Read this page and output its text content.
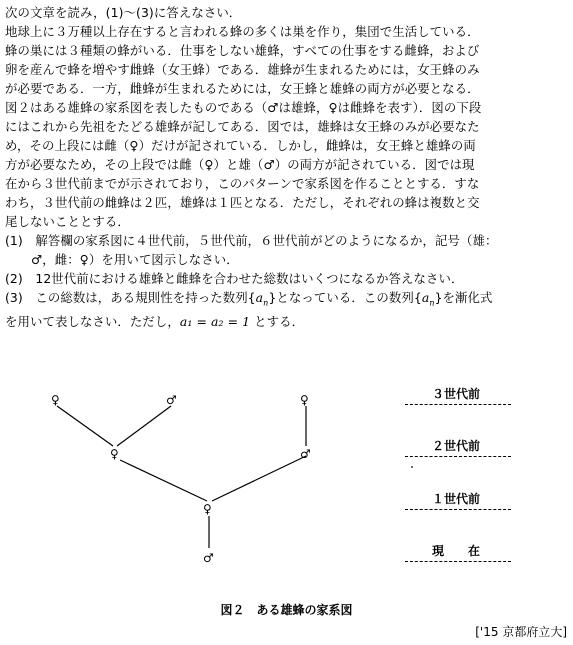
次の文章を読み，(1)～(3)に答えなさい．
地球上に３万種以上存在すると言われる蜂の多くは巣を作り，集団で生活している．
蜂の巣には３種類の蜂がいる．仕事をしない雄蜂，すべての仕事をする雌蜂，および
卵を産んで蜂を増やす雌蜂（女王蜂）である．雄蜂が生まれるためには，女王蜂のみ
が必要である．一方，雌蜂が生まれるためには，女王蜂と雄蜂の両方が必要となる．
図２はある雄蜂の家系図を表したものである（♂は雄蜂，♀は雌蜂を表す）．図の下段
にはこれから先祖をたどる雄蜂が記してある．図では，雄蜂は女王蜂のみが必要なた
め，その上段には雌（♀）だけが記されている．しかし，雌蜂は，女王蜂と雄蜂の両
方が必要なため，その上段では雌（♀）と雄（♂）の両方が記されている．図では現
在から３世代前までが示されており，このパターンで家系図を作ることとする．すな
わち，３世代前の雌蜂は２匹，雄蜂は１匹となる．ただし，それぞれの蜂は複数と交
尾しないこととする．
(1)　解答欄の家系図に４世代前，５世代前，６世代前がどのようになるか，記号（雄：
♂，雌：♀）を用いて図示しなさい．
(2)　12世代前における雄蜂と雌蜂を合わせた総数はいくつになるか答えなさい．
(3)　この総数は，ある規則性を持った数列$\{a_n\}$となっている．この数列$\{a_n\}$を漸化式
を用いて表しなさい．ただし，a₁ = a₂ = 1 とする．
♀	♂	♀
♀	♂
♀
♂
３世代前
２世代前
１世代前
現　　在
図２　ある雄蜂の家系図
['15 京都府立大]
